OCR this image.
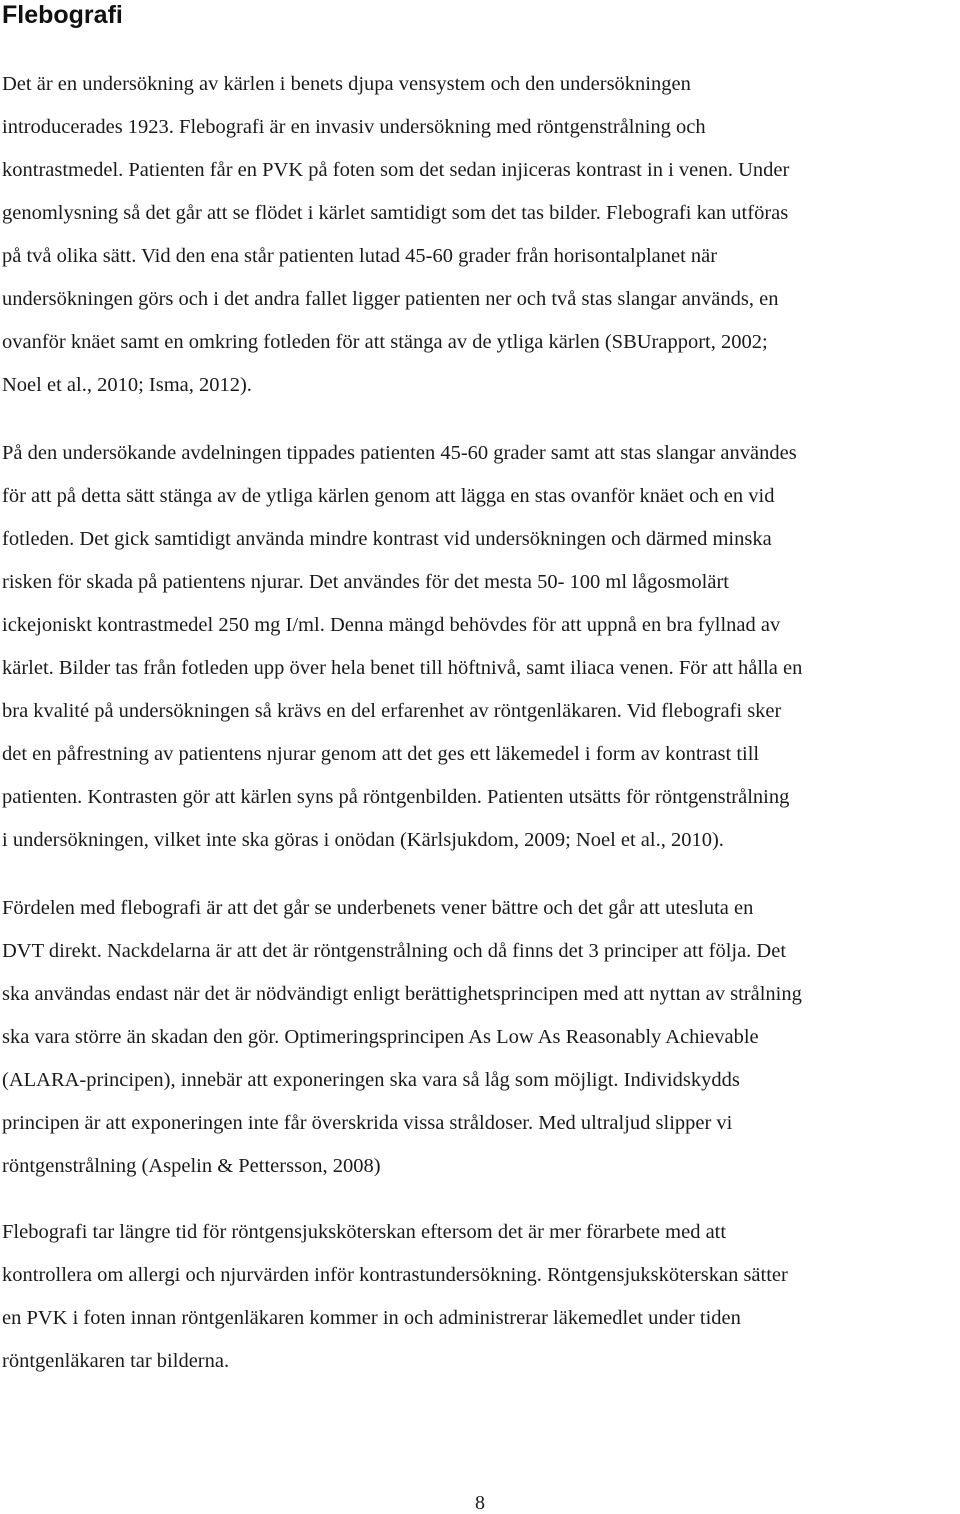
Flebografi
Det är en undersökning av kärlen i benets djupa vensystem och den undersökningen
introducerades 1923. Flebografi är en invasiv undersökning med röntgenstrålning och
kontrastmedel. Patienten får en PVK på foten som det sedan injiceras kontrast in i venen. Under
genomlysning så det går att se flödet i kärlet samtidigt som det tas bilder. Flebografi kan utföras
på två olika sätt. Vid den ena står patienten lutad 45-60 grader från horisontalplanet när
undersökningen görs och i det andra fallet ligger patienten ner och två stas slangar används, en
ovanför knäet samt en omkring fotleden för att stänga av de ytliga kärlen (SBUrapport, 2002;
Noel et al., 2010; Isma, 2012).
På den undersökande avdelningen tippades patienten 45-60 grader samt att stas slangar användes
för att på detta sätt stänga av de ytliga kärlen genom att lägga en stas ovanför knäet och en vid
fotleden. Det gick samtidigt använda mindre kontrast vid undersökningen och därmed minska
risken för skada på patientens njurar. Det användes för det mesta 50- 100 ml lågosmolärt
ickejoniskt kontrastmedel 250 mg I/ml. Denna mängd behövdes för att uppnå en bra fyllnad av
kärlet. Bilder tas från fotleden upp över hela benet till höftnivå, samt iliaca venen. För att hålla en
bra kvalité på undersökningen så krävs en del erfarenhet av röntgenläkaren. Vid flebografi sker
det en påfrestning av patientens njurar genom att det ges ett läkemedel i form av kontrast till
patienten. Kontrasten gör att kärlen syns på röntgenbilden. Patienten utsätts för röntgenstrålning
i undersökningen, vilket inte ska göras i onödan (Kärlsjukdom, 2009; Noel et al., 2010).
Fördelen med flebografi är att det går se underbenets vener bättre och det går att utesluta en
DVT direkt. Nackdelarna är att det är röntgenstrålning och då finns det 3 principer att följa. Det
ska användas endast när det är nödvändigt enligt berättighetsprincipen med att nyttan av strålning
ska vara större än skadan den gör. Optimeringsprincipen As Low As Reasonably Achievable
(ALARA-principen), innebär att exponeringen ska vara så låg som möjligt. Individskydds
principen är att exponeringen inte får överskrida vissa stråldoser. Med ultraljud slipper vi
röntgenstrålning (Aspelin & Pettersson, 2008)
Flebografi tar längre tid för röntgensjuksköterskan eftersom det är mer förarbete med att
kontrollera om allergi och njurvärden inför kontrastundersökning. Röntgensjuksköterskan sätter
en PVK i foten innan röntgenläkaren kommer in och administrerar läkemedlet under tiden
röntgenläkaren tar bilderna.
8
